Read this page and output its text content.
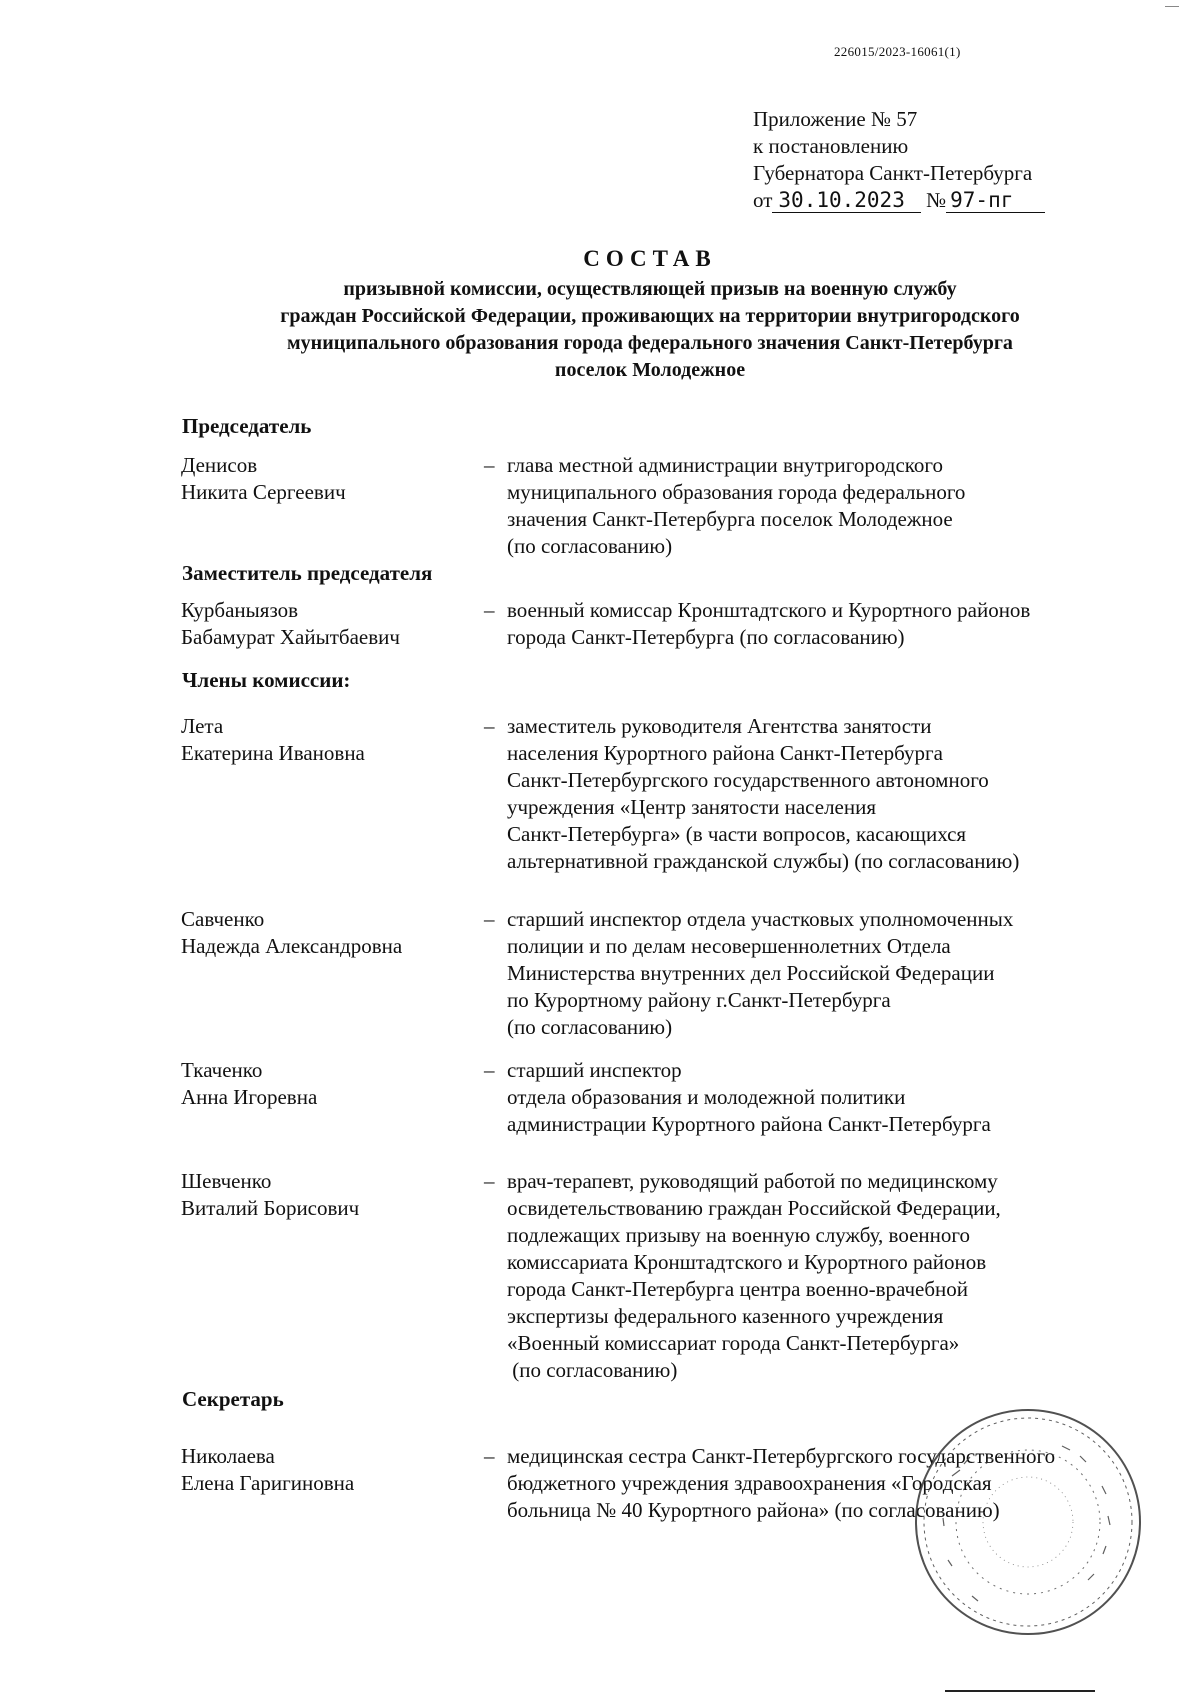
226015/2023-16061(1)
Приложение № 57
к постановлению
Губернатора Санкт-Петербурга
от 30.10.2023 № 97-пг
СОСТАВ
призывной комиссии, осуществляющей призыв на военную службу
граждан Российской Федерации, проживающих на территории внутригородского
муниципального образования города федерального значения Санкт-Петербурга
поселок Молодежное
Председатель
Денисов
Никита Сергеевич
– глава местной администрации внутригородского
муниципального образования города федерального
значения Санкт-Петербурга поселок Молодежное
(по согласованию)
Заместитель председателя
Курбаныязов
Бабамурат Хайытбаевич
– военный комиссар Кронштадтского и Курортного районов
города Санкт-Петербурга (по согласованию)
Члены комиссии:
Лета
Екатерина Ивановна
– заместитель руководителя Агентства занятости
населения Курортного района Санкт-Петербурга
Санкт-Петербургского государственного автономного
учреждения «Центр занятости населения
Санкт-Петербурга» (в части вопросов, касающихся
альтернативной гражданской службы) (по согласованию)
Савченко
Надежда Александровна
– старший инспектор отдела участковых уполномоченных
полиции и по делам несовершеннолетних Отдела
Министерства внутренних дел Российской Федерации
по Курортному району г.Санкт-Петербурга
(по согласованию)
Ткаченко
Анна Игоревна
– старший инспектор
отдела образования и молодежной политики
администрации Курортного района Санкт-Петербурга
Шевченко
Виталий Борисович
– врач-терапевт, руководящий работой по медицинскому
освидетельствованию граждан Российской Федерации,
подлежащих призыву на военную службу, военного
комиссариата Кронштадтского и Курортного районов
города Санкт-Петербурга центра военно-врачебной
экспертизы федерального казенного учреждения
«Военный комиссариат города Санкт-Петербурга»
(по согласованию)
Секретарь
Николаева
Елена Гаригиновна
– медицинская сестра Санкт-Петербургского государственного
бюджетного учреждения здравоохранения «Городская
больница № 40 Курортного района» (по согласованию)
